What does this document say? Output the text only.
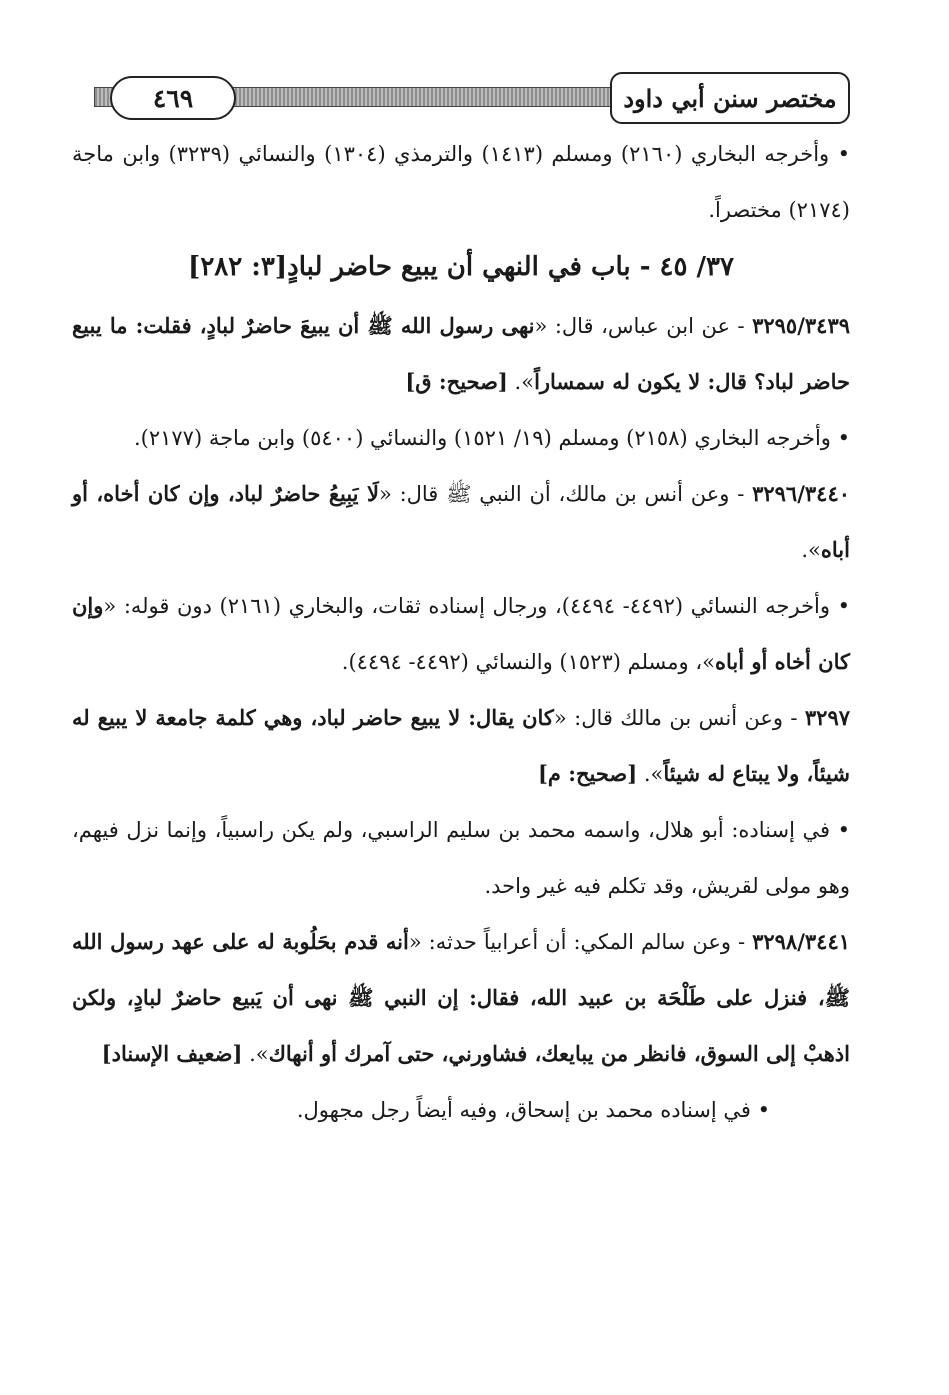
٤٦٩	مختصر سنن أبي داود

• وأخرجه البخاري (٢١٦٠) ومسلم (١٤١٣) والترمذي (١٣٠٤) والنسائي (٣٢٣٩) وابن ماجة (٢١٧٤) مختصراً.

٣٧/ ٤٥ - باب في النهي أن يبيع حاضر لبادٍ[٣: ٢٨٢]

٣٢٩٥/٣٤٣٩ - عن ابن عباس، قال: «نهى رسول الله ﷺ أن يبيعَ حاضرٌ لبادٍ، فقلت: ما يبيع حاضر لباد؟ قال: لا يكون له سمساراً». [صحيح: ق]

• وأخرجه البخاري (٢١٥٨) ومسلم (١٩/ ١٥٢١) والنسائي (٥٤٠٠) وابن ماجة (٢١٧٧).

٣٢٩٦/٣٤٤٠ - وعن أنس بن مالك، أن النبي ﷺ قال: «لَا يَبِيعُ حاضرٌ لباد، وإن كان أخاه، أو أباه».

• وأخرجه النسائي (٤٤٩٢- ٤٤٩٤)، ورجال إسناده ثقات، والبخاري (٢١٦١) دون قوله: «وإن كان أخاه أو أباه»، ومسلم (١٥٢٣) والنسائي (٤٤٩٢- ٤٤٩٤).

٣٢٩٧ - وعن أنس بن مالك قال: «كان يقال: لا يبيع حاضر لباد، وهي كلمة جامعة لا يبيع له شيئاً، ولا يبتاع له شيئاً». [صحيح: م]

• في إسناده: أبو هلال، واسمه محمد بن سليم الراسبي، ولم يكن راسبياً، وإنما نزل فيهم، وهو مولى لقريش، وقد تكلم فيه غير واحد.

٣٢٩٨/٣٤٤١ - وعن سالم المكي: أن أعرابياً حدثه: «أنه قدم بحَلُوبة له على عهد رسول الله ﷺ، فنزل على طَلْحَة بن عبيد الله، فقال: إن النبي ﷺ نهى أن يَبيع حاضرٌ لبادٍ، ولكن اذهبْ إلى السوق، فانظر من يبايعك، فشاورني، حتى آمرك أو أنهاك». [ضعيف الإسناد]

• في إسناده محمد بن إسحاق، وفيه أيضاً رجل مجهول.
